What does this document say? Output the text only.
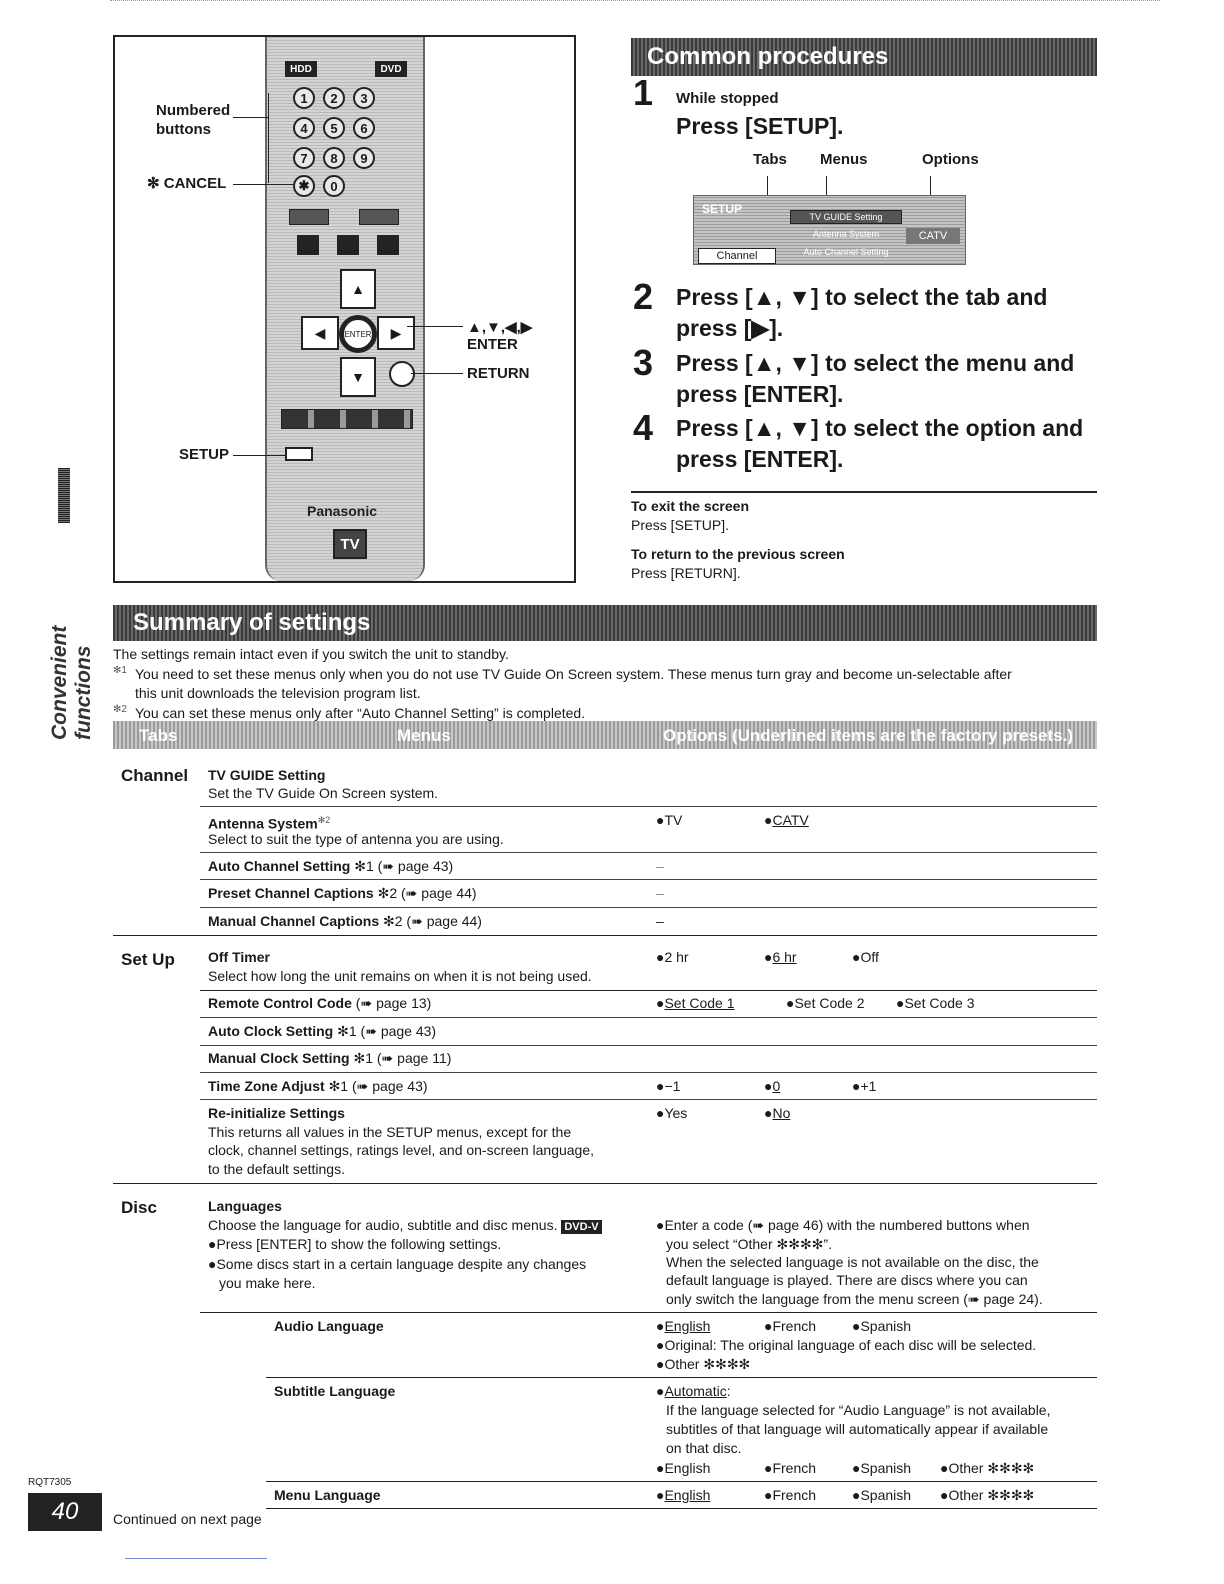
HDD	DVD
1	2	3
4	5	6
7	8	9
✱	0
▲
▼
◀	▶
ENTER
Panasonic
TV
Numbered
buttons
✻ CANCEL
SETUP
▲,▼,◀,▶
ENTER
RETURN
Common procedures
1 While stopped
Press [SETUP].
Tabs Menus	Options
SETUP
Channel
TV GUIDE Setting
Antenna System
Auto Channel Setting
CATV
2 Press [▲, ▼] to select the tab and
press [▶].
3 Press [▲, ▼] to select the menu and
press [ENTER].
4 Press [▲, ▼] to select the option and
press [ENTER].
To exit the screen
Press [SETUP].
To return to the previous screen
Press [RETURN].
Convenient functions
Summary of settings
The settings remain intact even if you switch the unit to standby.
✻1 You need to set these menus only when you do not use TV Guide On Screen system. These menus turn gray and become un-selectable after
this unit downloads the television program list.
✻2 You can set these menus only after “Auto Channel Setting” is completed.
Tabs	Menus	Options (Underlined items are the factory presets.)
Channel TV GUIDE Setting
Set the TV Guide On Screen system.
Antenna System$^{✻2}$
Select to suit the type of antenna you are using.
●TV	●CATV
Auto Channel Setting ✻1 (➠ page 43)	–
Preset Channel Captions ✻2 (➠ page 44)	–
Manual Channel Captions ✻2 (➠ page 44)	–
Set Up Off Timer
Select how long the unit remains on when it is not being used.
●2 hr	●6 hr	●Off
Remote Control Code (➠ page 13)	●Set Code 1	●Set Code 2 ●Set Code 3
Auto Clock Setting ✻1 (➠ page 43)
Manual Clock Setting ✻1 (➠ page 11)
Time Zone Adjust ✻1 (➠ page 43)	●−1	●0	●+1
Re-initialize Settings
This returns all values in the SETUP menus, except for the
clock, channel settings, ratings level, and on-screen language,
to the default settings.
●Yes	●No
Disc	Languages
Choose the language for audio, subtitle and disc menus. DVD-V
●Press [ENTER] to show the following settings.
●Some discs start in a certain language despite any changes
you make here.
●Enter a code (➠ page 46) with the numbered buttons when
you select “Other ✻✻✻✻”.
When the selected language is not available on the disc, the
default language is played. There are discs where you can
only switch the language from the menu screen (➠ page 24).
Audio Language	●English	●French	●Spanish
●Original: The original language of each disc will be selected.
●Other ✻✻✻✻
Subtitle Language	●Automatic:
If the language selected for “Audio Language” is not available,
subtitles of that language will automatically appear if available
on that disc.
●English	●French	●Spanish ●Other ✻✻✻✻
Menu Language	●English	●French	●Spanish ●Other ✻✻✻✻
RQT7305
40	Continued on next page
